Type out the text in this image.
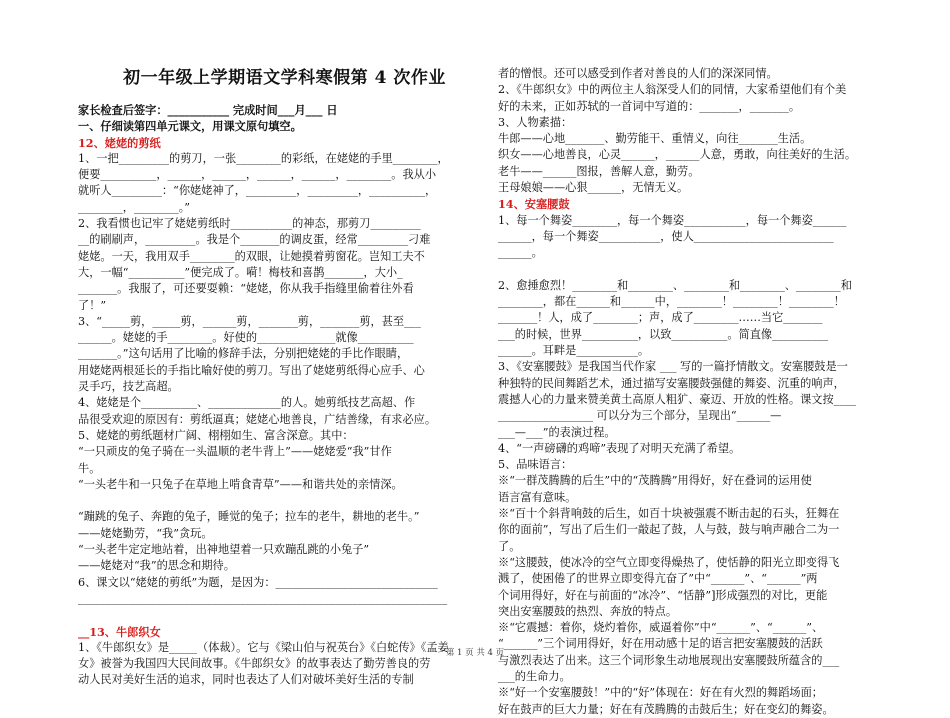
初一年级上学期语文学科寒假第 4 次作业
家长检查后签字：___________ 完成时间___月___ 日
一、仔细读第四单元课文，用课文原句填空。
12、姥姥的剪纸
1、一把_________的剪刀，一张________的彩纸，在姥姥的手里________，
便要__________，______，______，______，______，________。我从小
就听人_________：“你姥姥神了，_________，_________，__________，
________，________。”
2、我看惯也记牢了姥姥剪纸时___________的神态，那剪刀_________
__的刷刷声，_________。我是个_______的调皮蛋，经常_________刁难
姥姥。一天，我用双手________的双眼，让她摸着剪窗花。岂知工夫不
大，一幅“__________”便完成了。嗬！梅枝和喜鹊_______，大小_
_______。我服了，可还要耍赖：“姥姥，你从我手指缝里偷着往外看
了！”
3、“_____剪，_____剪，______剪，_______剪，_______剪，甚至___
______。姥姥的手________。好使的______________就像__________
_______。”这句话用了比喻的修辞手法，分别把姥姥的手比作眼睛，
用姥姥两根延长的手指比喻好使的剪刀。写出了姥姥剪纸得心应手、心
灵手巧，技艺高超。
4、姥姥是个__________、_____________的人。她剪纸技艺高超、作
品很受欢迎的原因有：剪纸逼真；姥姥心地善良，广结善缘，有求必应。
5、姥姥的剪纸题材广阔、栩栩如生、富含深意。其中：
“一只顽皮的兔子骑在一头温顺的老牛背上”——姥姥爱“我”甘作
牛。
“一头老牛和一只兔子在草地上啃食青草”——和谐共处的亲情深。

“蹦跳的兔子、奔跑的兔子，睡觉的兔子；拉车的老牛，耕地的老牛。”
——姥姥勤劳，“我”贪玩。
“一头老牛定定地站着，出神地望着一只欢蹦乱跳的小兔子”
——姥姥对“我”的思念和期待。
6、课文以“姥姥的剪纸”为题，是因为：_____________________________
__________________________________________________________________

__13、牛郎织女
1、《牛郎织女》是_____（体裁）。它与《梁山伯与祝英台》《白蛇传》《孟姜
女》被誉为我国四大民间故事。《牛郎织女》的故事表达了勤劳善良的劳
动人民对美好生活的追求，同时也表达了人们对破坏美好生活的专制
者的憎恨。还可以感受到作者对善良的人们的深深同情。
2、《牛郎织女》中的两位主人翁深受人们的同情，大家希望他们有个美
好的未来，正如苏轼的一首词中写道的：_______，_______。
3、人物素描：
牛郎——心地_______、勤劳能干、重情义，向往_______生活。
织女——心地善良，心灵______，______人意，勇敢，向往美好的生活。
老牛——______图报，善解人意，勤劳。
王母娘娘——心狠______，无情无义。
14、安塞腰鼓
1、每一个舞姿________，每一个舞姿___________，每一个舞姿______
______，每一个舞姿___________，使人_________________________
______。

2、愈捶愈烈！________和________、________和________、________和
________，都在______和______中，________！________！________！
_______！人，成了________；声，成了________……当它_______
___的时候，世界__________，以致__________。简直像__________
______。耳畔是___________。
3、《安塞腰鼓》是我国当代作家 ___ 写的一篇抒情散文。安塞腰鼓是一
种独特的民间舞蹈艺术，通过描写安塞腰鼓强健的舞姿、沉重的响声，
震撼人心的力量来赞美黄土高原人粗犷、豪迈、开放的性格。课文按____
_________________ 可以分为三个部分，呈现出“______—
___—___”的表演过程。
4、“一声磅礴的鸡啼”表现了对明天充满了希望。
5、品味语言：
※“一群茂腾腾的后生”中的“茂腾腾”用得好，好在叠词的运用使
语言富有意味。
※“百十个斜背响鼓的后生，如百十块被强震不断击起的石头，狂舞在
你的面前”，写出了后生们一敲起了鼓，人与鼓，鼓与响声融合二为一
了。
※“这腰鼓，使冰冷的空气立即变得燥热了，使恬静的阳光立即变得飞
溅了，使困倦了的世界立即变得亢奋了”中“______”、“______”两
个词用得好，好在与前面的“冰冷”、“恬静”]形成强烈的对比，更能
突出安塞腰鼓的热烈、奔放的特点。
※“它震撼：着你，烧灼着你，威逼着你”中“______”、“______”、
“______”三个词用得好，好在用动感十足的语言把安塞腰鼓的活跃
与激烈表达了出来。这三个词形象生动地展现出安塞腰鼓所蕴含的___
___的生命力。
※“好一个安塞腰鼓！”中的“好”体现在：好在有火烈的舞蹈场面；
好在鼓声的巨大力量；好在有茂腾腾的击鼓后生；好在变幻的舞姿。
第 1 页 共 4 页
